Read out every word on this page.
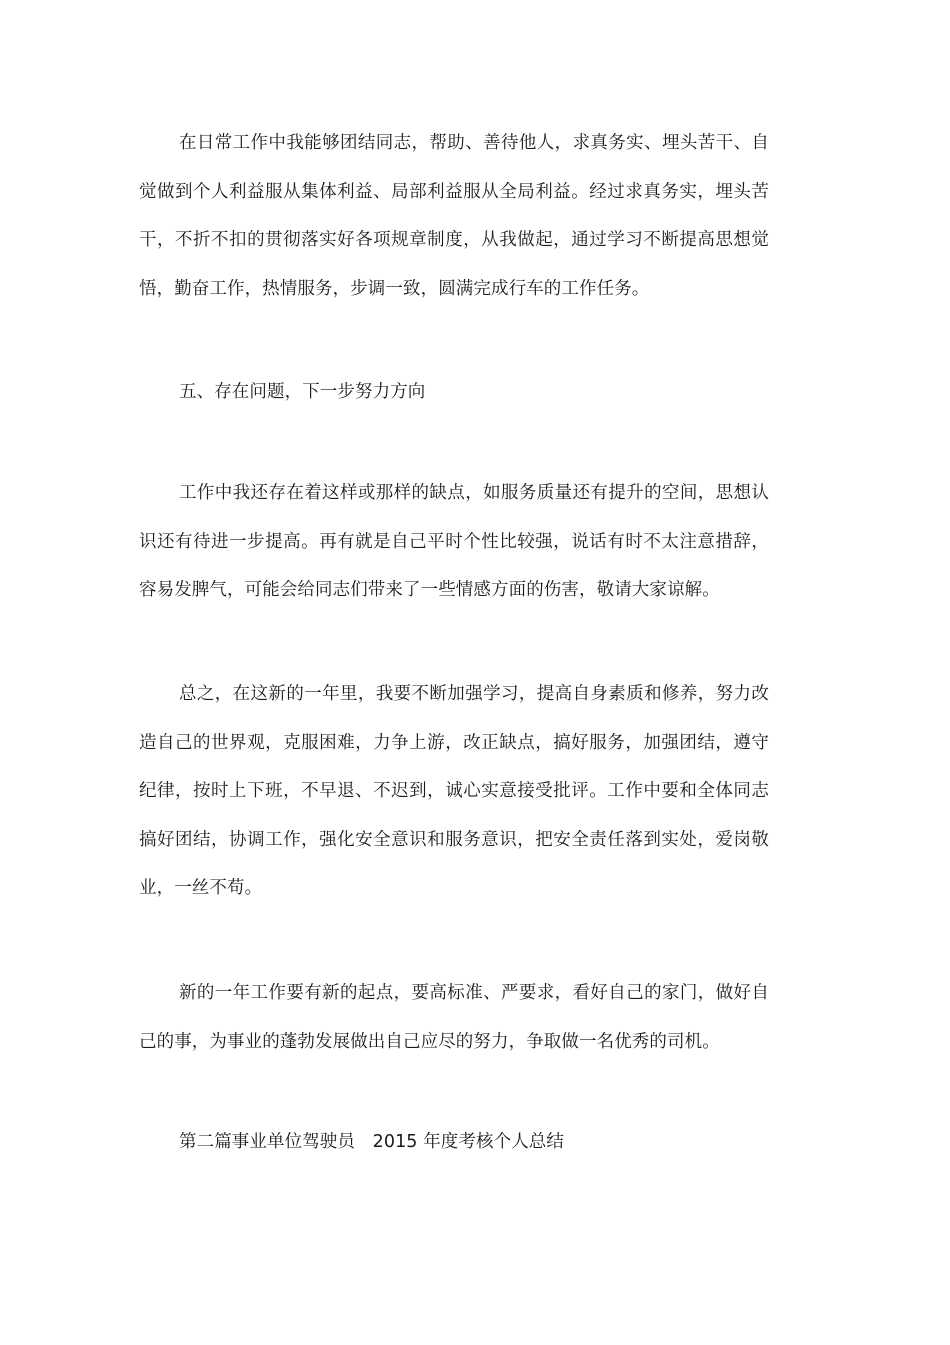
在日常工作中我能够团结同志，帮助、善待他人，求真务实、埋头苦干、自觉做到个人利益服从集体利益、局部利益服从全局利益。经过求真务实，埋头苦干，不折不扣的贯彻落实好各项规章制度，从我做起，通过学习不断提高思想觉悟，勤奋工作，热情服务，步调一致，圆满完成行车的工作任务。

五、存在问题，下一步努力方向

工作中我还存在着这样或那样的缺点，如服务质量还有提升的空间，思想认识还有待进一步提高。再有就是自己平时个性比较强，说话有时不太注意措辞，容易发脾气，可能会给同志们带来了一些情感方面的伤害，敬请大家谅解。

总之，在这新的一年里，我要不断加强学习，提高自身素质和修养，努力改造自己的世界观，克服困难，力争上游，改正缺点，搞好服务，加强团结，遵守纪律，按时上下班，不早退、不迟到，诚心实意接受批评。工作中要和全体同志搞好团结，协调工作，强化安全意识和服务意识，把安全责任落到实处，爱岗敬业，一丝不苟。

新的一年工作要有新的起点，要高标准、严要求，看好自己的家门，做好自己的事，为事业的蓬勃发展做出自己应尽的努力，争取做一名优秀的司机。

第二篇事业单位驾驶员　2015 年度考核个人总结
